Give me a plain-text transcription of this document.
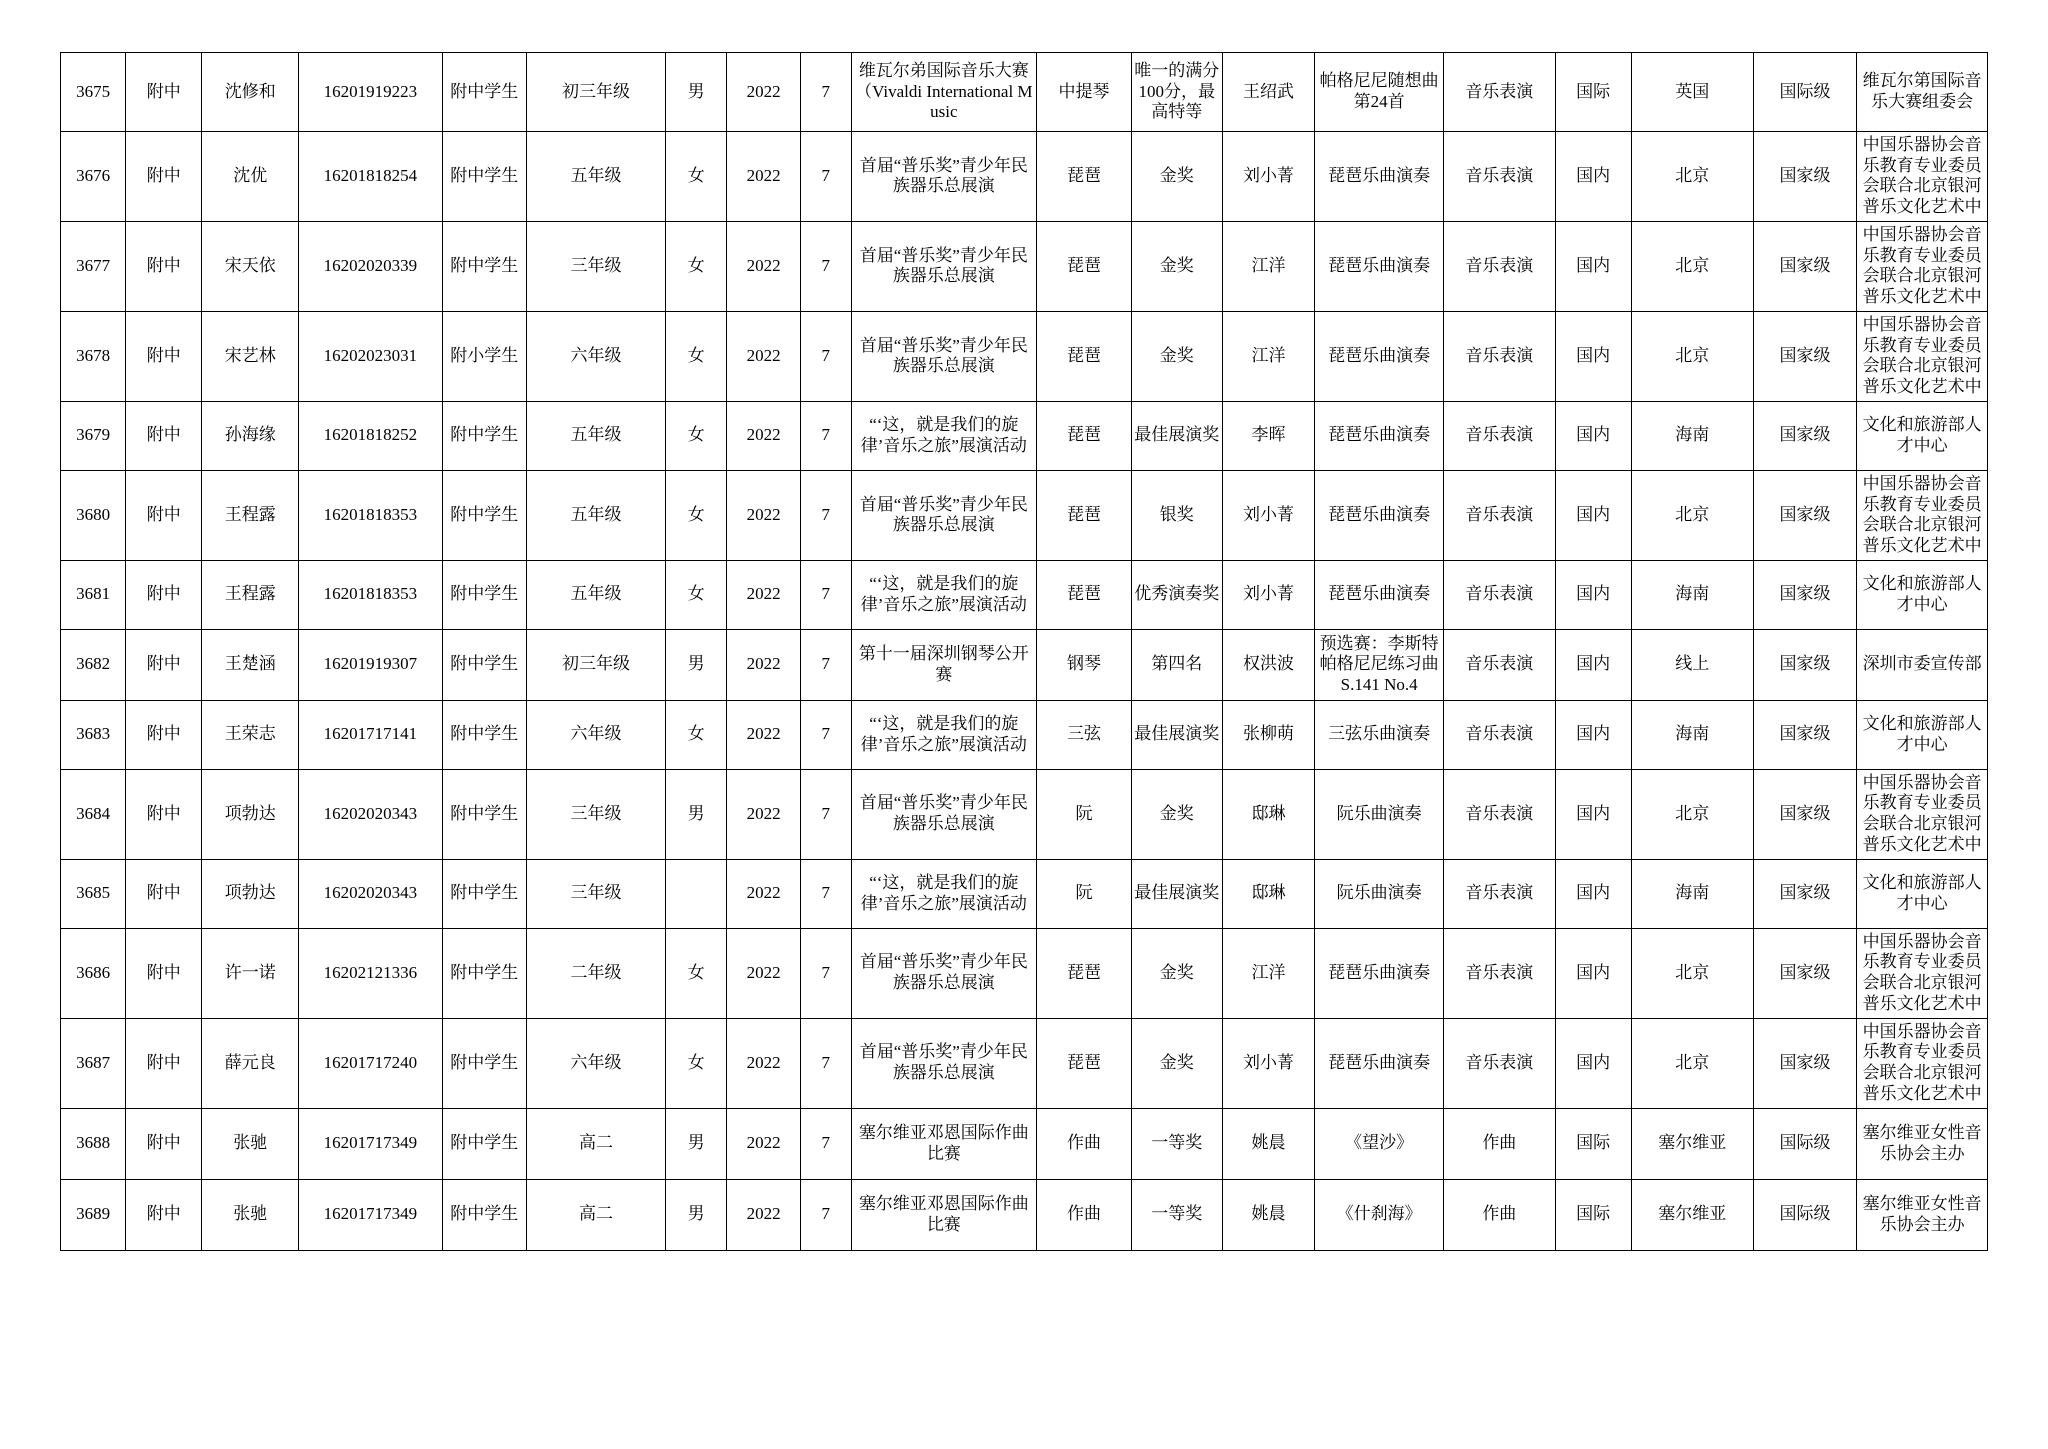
3675	附中	沈修和	16201919223	附中学生	初三年级	男	2022	7	维瓦尔弟国际音乐大赛（Vivaldi International Music	中提琴	唯一的满分100分，最高特等	王绍武	帕格尼尼随想曲第24首	音乐表演	国际	英国	国际级	维瓦尔第国际音乐大赛组委会
3676	附中	沈优	16201818254	附中学生	五年级	女	2022	7	首届“普乐奖”青少年民族器乐总展演	琵琶	金奖	刘小菁	琵琶乐曲演奏	音乐表演	国内	北京	国家级	中国乐器协会音乐教育专业委员会联合北京银河普乐文化艺术中
3677	附中	宋天依	16202020339	附中学生	三年级	女	2022	7	首届“普乐奖”青少年民族器乐总展演	琵琶	金奖	江洋	琵琶乐曲演奏	音乐表演	国内	北京	国家级	中国乐器协会音乐教育专业委员会联合北京银河普乐文化艺术中
3678	附中	宋艺林	16202023031	附小学生	六年级	女	2022	7	首届“普乐奖”青少年民族器乐总展演	琵琶	金奖	江洋	琵琶乐曲演奏	音乐表演	国内	北京	国家级	中国乐器协会音乐教育专业委员会联合北京银河普乐文化艺术中
3679	附中	孙海缘	16201818252	附中学生	五年级	女	2022	7	“‘这，就是我们的旋律’音乐之旅”展演活动	琵琶	最佳展演奖	李晖	琵琶乐曲演奏	音乐表演	国内	海南	国家级	文化和旅游部人才中心
3680	附中	王程露	16201818353	附中学生	五年级	女	2022	7	首届“普乐奖”青少年民族器乐总展演	琵琶	银奖	刘小菁	琵琶乐曲演奏	音乐表演	国内	北京	国家级	中国乐器协会音乐教育专业委员会联合北京银河普乐文化艺术中
3681	附中	王程露	16201818353	附中学生	五年级	女	2022	7	“‘这，就是我们的旋律’音乐之旅”展演活动	琵琶	优秀演奏奖	刘小菁	琵琶乐曲演奏	音乐表演	国内	海南	国家级	文化和旅游部人才中心
3682	附中	王楚涵	16201919307	附中学生	初三年级	男	2022	7	第十一届深圳钢琴公开赛	钢琴	第四名	权洪波	预选赛：李斯特 帕格尼尼练习曲S.141 No.4	音乐表演	国内	线上	国家级	深圳市委宣传部
3683	附中	王荣志	16201717141	附中学生	六年级	女	2022	7	“‘这，就是我们的旋律’音乐之旅”展演活动	三弦	最佳展演奖	张柳萌	三弦乐曲演奏	音乐表演	国内	海南	国家级	文化和旅游部人才中心
3684	附中	项勃达	16202020343	附中学生	三年级	男	2022	7	首届“普乐奖”青少年民族器乐总展演	阮	金奖	邸琳	阮乐曲演奏	音乐表演	国内	北京	国家级	中国乐器协会音乐教育专业委员会联合北京银河普乐文化艺术中
3685	附中	项勃达	16202020343	附中学生	三年级		2022	7	“‘这，就是我们的旋律’音乐之旅”展演活动	阮	最佳展演奖	邸琳	阮乐曲演奏	音乐表演	国内	海南	国家级	文化和旅游部人才中心
3686	附中	许一诺	16202121336	附中学生	二年级	女	2022	7	首届“普乐奖”青少年民族器乐总展演	琵琶	金奖	江洋	琵琶乐曲演奏	音乐表演	国内	北京	国家级	中国乐器协会音乐教育专业委员会联合北京银河普乐文化艺术中
3687	附中	薛元良	16201717240	附中学生	六年级	女	2022	7	首届“普乐奖”青少年民族器乐总展演	琵琶	金奖	刘小菁	琵琶乐曲演奏	音乐表演	国内	北京	国家级	中国乐器协会音乐教育专业委员会联合北京银河普乐文化艺术中
3688	附中	张驰	16201717349	附中学生	高二	男	2022	7	塞尔维亚邓恩国际作曲比赛	作曲	一等奖	姚晨	《望沙》	作曲	国际	塞尔维亚	国际级	塞尔维亚女性音乐协会主办
3689	附中	张驰	16201717349	附中学生	高二	男	2022	7	塞尔维亚邓恩国际作曲比赛	作曲	一等奖	姚晨	《什刹海》	作曲	国际	塞尔维亚	国际级	塞尔维亚女性音乐协会主办
